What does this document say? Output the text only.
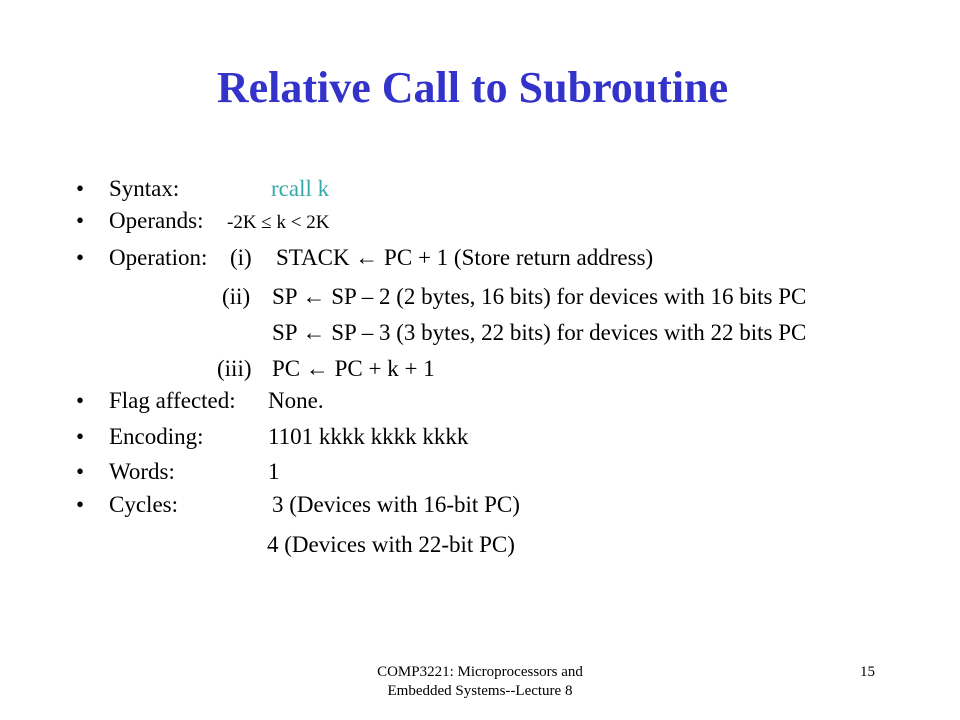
Relative Call to Subroutine
• Syntax:	rcall k
• Operands: -2K ≤ k < 2K
• Operation: (i) STACK ← PC + 1 (Store return address)
(ii) SP ← SP – 2 (2 bytes, 16 bits) for devices with 16 bits PC
SP ← SP – 3 (3 bytes, 22 bits) for devices with 22 bits PC
(iii) PC ← PC + k + 1
• Flag affected: None.
• Encoding:	1101 kkkk kkkk kkkk
• Words:	1
• Cycles:	3 (Devices with 16-bit PC)
4 (Devices with 22-bit PC)
COMP3221: Microprocessors and
Embedded Systems--Lecture 8
15
